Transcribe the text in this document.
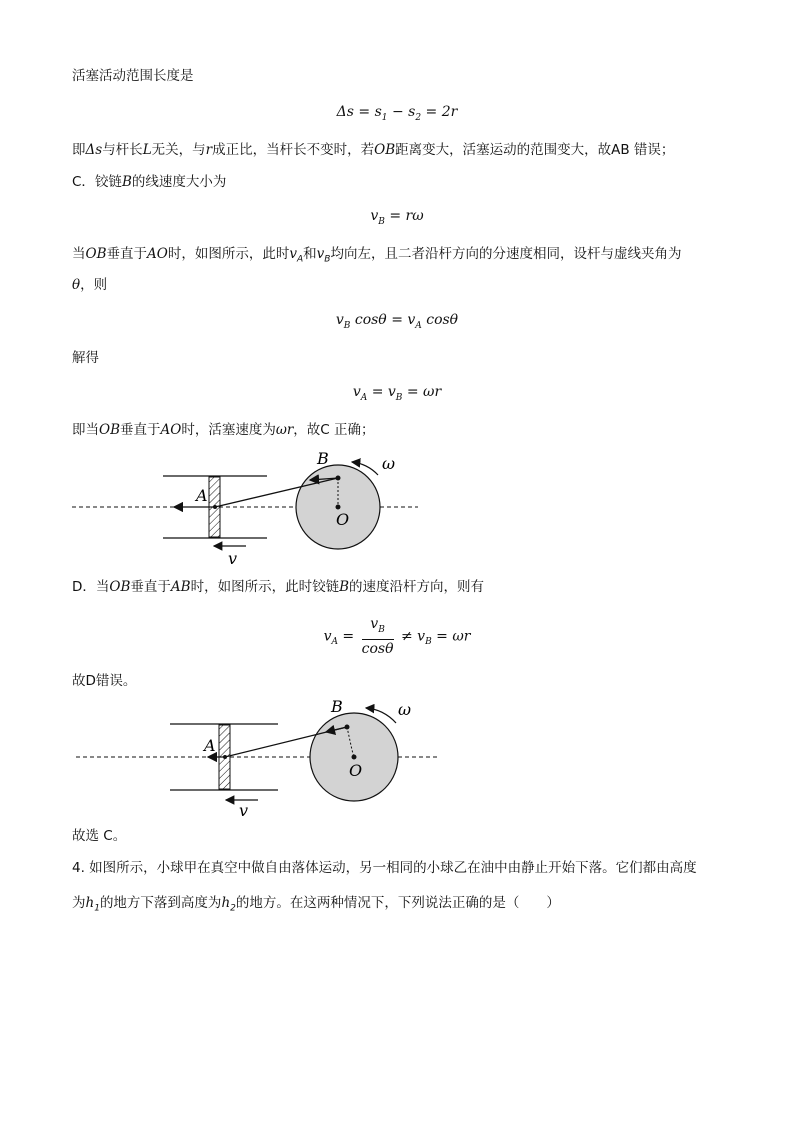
活塞活动范围长度是
$\Delta s = s_1 - s_2 = 2r$
即Δs与杆长L无关，与r成正比，当杆长不变时，若OB距离变大，活塞运动的范围变大，故AB 错误；
C．铰链B的线速度大小为
$v_B = r\omega$
当OB垂直于AO时，如图所示，此时$v_A$和$v_B$均向左，且二者沿杆方向的分速度相同，设杆与虚线夹角为
θ，则
$v_B$ $\cos\theta = v_A$ cosθ
解得
$v_A = v_B = \omega r$
即当OB垂直于AO时，活塞速度为ωr，故C 正确；
B
A
O
v
ω
D．当OB垂直于AB时，如图所示，此时铰链B的速度沿杆方向，则有
$v_A = \frac{v_B}{\cos\theta} \ne v_B = \omega r$
故D错误。
B
A
O
v
ω
故选 C。
4. 如图所示，小球甲在真空中做自由落体运动，另一相同的小球乙在油中由静止开始下落。它们都由高度
为$h_1$的地方下落到高度为$h_2$的地方。在这两种情况下，下列说法正确的是（　　）
